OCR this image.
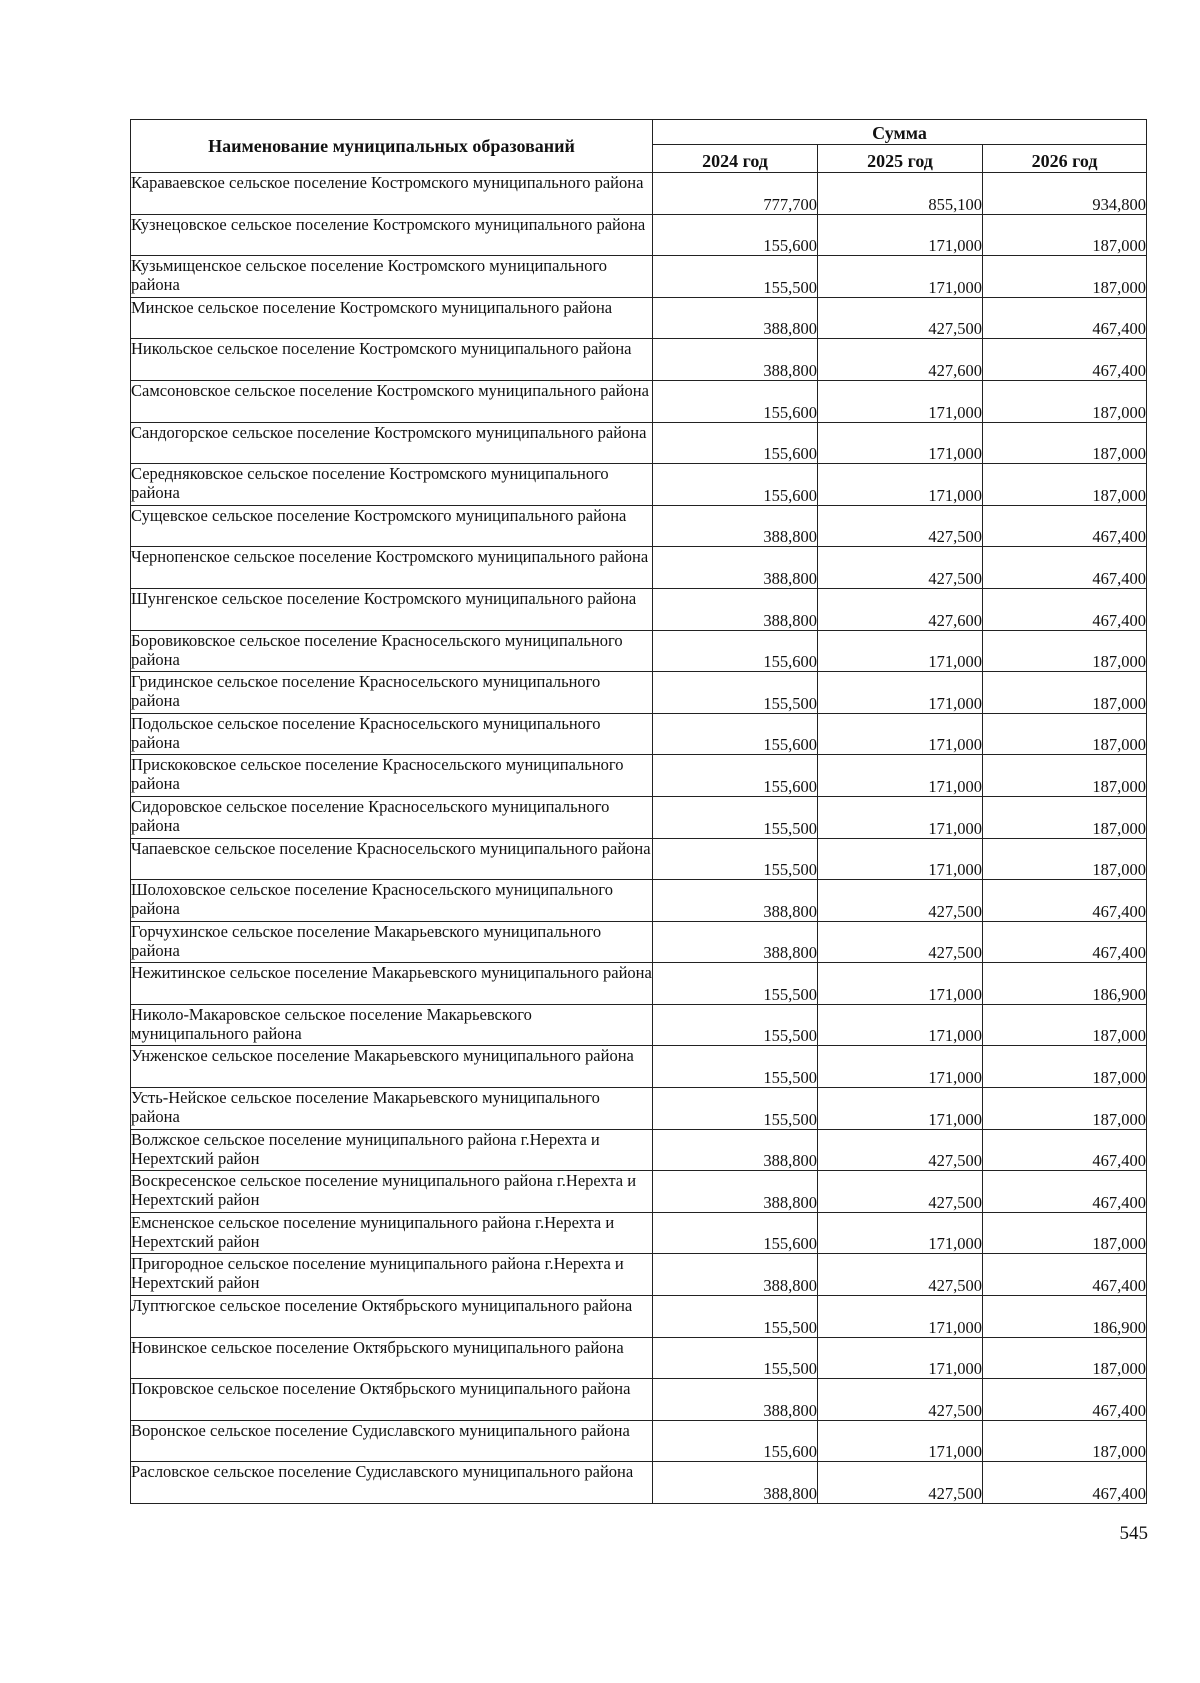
Наименование муниципальных образований	Сумма		
	2024 год	2025 год	2026 год
Караваевское сельское поселение Костромского муниципального района	777,700	855,100	934,800
Кузнецовское сельское поселение Костромского муниципального района	155,600	171,000	187,000
Кузьмищенское сельское поселение Костромского муниципального района	155,500	171,000	187,000
Минское сельское поселение Костромского муниципального района	388,800	427,500	467,400
Никольское сельское поселение Костромского муниципального района	388,800	427,600	467,400
Самсоновское сельское поселение Костромского муниципального района	155,600	171,000	187,000
Сандогорское сельское поселение Костромского муниципального района	155,600	171,000	187,000
Середняковское сельское поселение Костромского муниципального района	155,600	171,000	187,000
Сущевское сельское поселение Костромского муниципального района	388,800	427,500	467,400
Чернопенское сельское поселение Костромского муниципального района	388,800	427,500	467,400
Шунгенское сельское поселение Костромского муниципального района	388,800	427,600	467,400
Боровиковское сельское поселение Красносельского муниципального района	155,600	171,000	187,000
Гридинское сельское поселение Красносельского муниципального района	155,500	171,000	187,000
Подольское сельское поселение Красносельского муниципального района	155,600	171,000	187,000
Прискоковское сельское поселение Красносельского муниципального района	155,600	171,000	187,000
Сидоровское сельское поселение Красносельского муниципального района	155,500	171,000	187,000
Чапаевское сельское поселение Красносельского муниципального района	155,500	171,000	187,000
Шолоховское сельское поселение Красносельского муниципального района	388,800	427,500	467,400
Горчухинское сельское поселение Макарьевского муниципального района	388,800	427,500	467,400
Нежитинское сельское поселение Макарьевского муниципального района	155,500	171,000	186,900
Николо-Макаровское сельское поселение Макарьевского муниципального района	155,500	171,000	187,000
Унженское сельское поселение Макарьевского муниципального района	155,500	171,000	187,000
Усть-Нейское сельское поселение Макарьевского муниципального района	155,500	171,000	187,000
Волжское сельское поселение муниципального района г.Нерехта и Нерехтский район	388,800	427,500	467,400
Воскресенское сельское поселение муниципального района г.Нерехта и Нерехтский район	388,800	427,500	467,400
Емсненское сельское поселение муниципального района г.Нерехта и Нерехтский район	155,600	171,000	187,000
Пригородное сельское поселение муниципального района г.Нерехта и Нерехтский район	388,800	427,500	467,400
Луптюгское сельское поселение Октябрьского муниципального района	155,500	171,000	186,900
Новинское сельское поселение Октябрьского муниципального района	155,500	171,000	187,000
Покровское сельское поселение Октябрьского муниципального района	388,800	427,500	467,400
Воронское сельское поселение Судиславского муниципального района	155,600	171,000	187,000
Расловское сельское поселение Судиславского муниципального района	388,800	427,500	467,400
545
